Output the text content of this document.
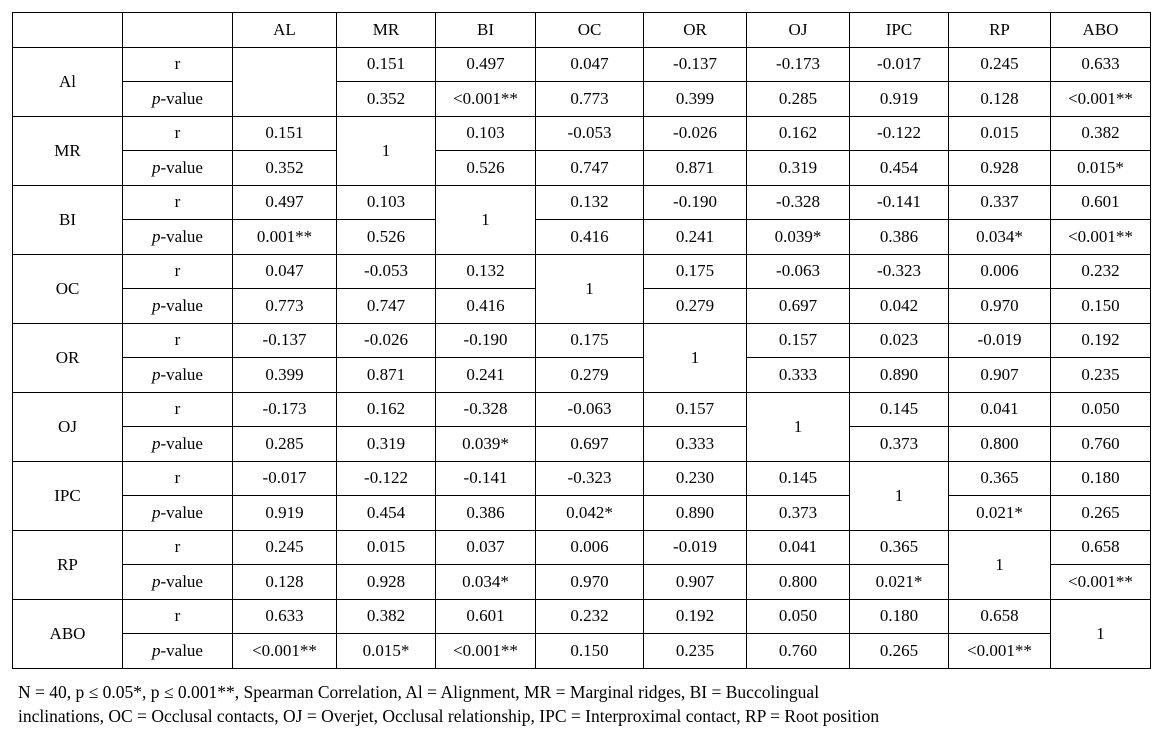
		AL	MR	BI	OC	OR	OJ	IPC	RP	ABO
Al	r		0.151	0.497	0.047	-0.137	-0.173	-0.017	0.245	0.633
	p-value		0.352	<0.001**	0.773	0.399	0.285	0.919	0.128	<0.001**
MR	r	0.151	1	0.103	-0.053	-0.026	0.162	-0.122	0.015	0.382
	p-value	0.352		0.526	0.747	0.871	0.319	0.454	0.928	0.015*
BI	r	0.497	0.103	1	0.132	-0.190	-0.328	-0.141	0.337	0.601
	p-value	0.001**	0.526		0.416	0.241	0.039*	0.386	0.034*	<0.001**
OC	r	0.047	-0.053	0.132	1	0.175	-0.063	-0.323	0.006	0.232
	p-value	0.773	0.747	0.416		0.279	0.697	0.042	0.970	0.150
OR	r	-0.137	-0.026	-0.190	0.175	1	0.157	0.023	-0.019	0.192
	p-value	0.399	0.871	0.241	0.279		0.333	0.890	0.907	0.235
OJ	r	-0.173	0.162	-0.328	-0.063	0.157	1	0.145	0.041	0.050
	p-value	0.285	0.319	0.039*	0.697	0.333		0.373	0.800	0.760
IPC	r	-0.017	-0.122	-0.141	-0.323	0.230	0.145	1	0.365	0.180
	p-value	0.919	0.454	0.386	0.042*	0.890	0.373		0.021*	0.265
RP	r	0.245	0.015	0.037	0.006	-0.019	0.041	0.365	1	0.658
	p-value	0.128	0.928	0.034*	0.970	0.907	0.800	0.021*		<0.001**
ABO	r	0.633	0.382	0.601	0.232	0.192	0.050	0.180	0.658	1
	p-value	<0.001**	0.015*	<0.001**	0.150	0.235	0.760	0.265	<0.001**	
N = 40, p ≤ 0.05*, p ≤ 0.001**, Spearman Correlation, Al = Alignment, MR = Marginal ridges, BI = Buccolingual
inclinations, OC = Occlusal contacts, OJ = Overjet, Occlusal relationship, IPC = Interproximal contact, RP = Root position
